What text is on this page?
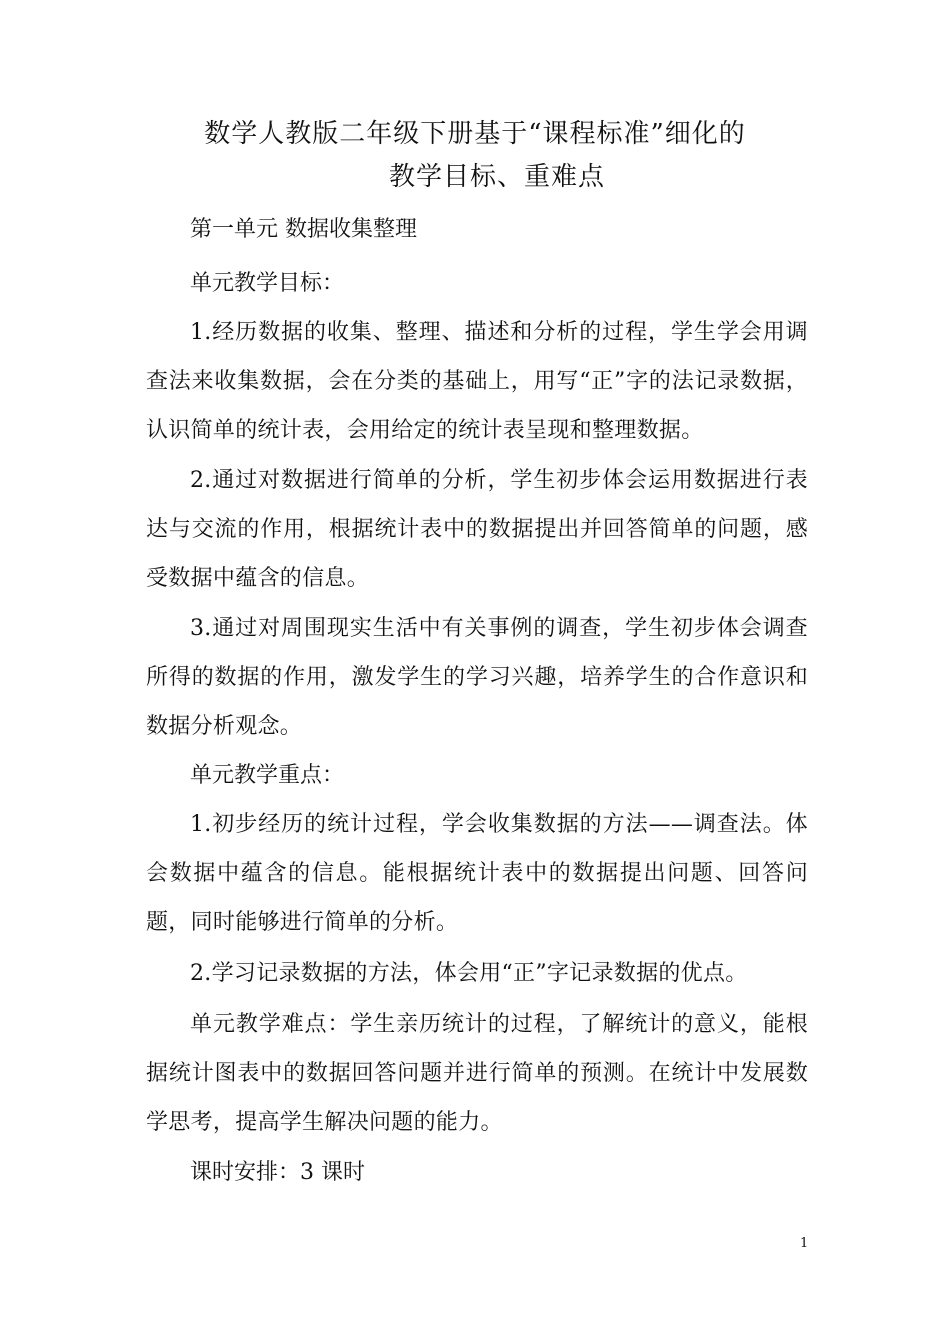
数学人教版二年级下册基于“课程标准”细化的
教学目标、重难点
第一单元 数据收集整理
单元教学目标：
1.经历数据的收集、整理、描述和分析的过程，学生学会用调查法来收集数据，会在分类的基础上，用写“正”字的法记录数据，认识简单的统计表，会用给定的统计表呈现和整理数据。
2.通过对数据进行简单的分析，学生初步体会运用数据进行表达与交流的作用，根据统计表中的数据提出并回答简单的问题，感受数据中蕴含的信息。
3.通过对周围现实生活中有关事例的调查，学生初步体会调查所得的数据的作用，激发学生的学习兴趣，培养学生的合作意识和数据分析观念。
单元教学重点：
1.初步经历的统计过程，学会收集数据的方法——调查法。体会数据中蕴含的信息。能根据统计表中的数据提出问题、回答问题，同时能够进行简单的分析。
2.学习记录数据的方法，体会用“正”字记录数据的优点。
单元教学难点：学生亲历统计的过程，了解统计的意义，能根据统计图表中的数据回答问题并进行简单的预测。在统计中发展数学思考，提高学生解决问题的能力。
课时安排：3 课时
1
